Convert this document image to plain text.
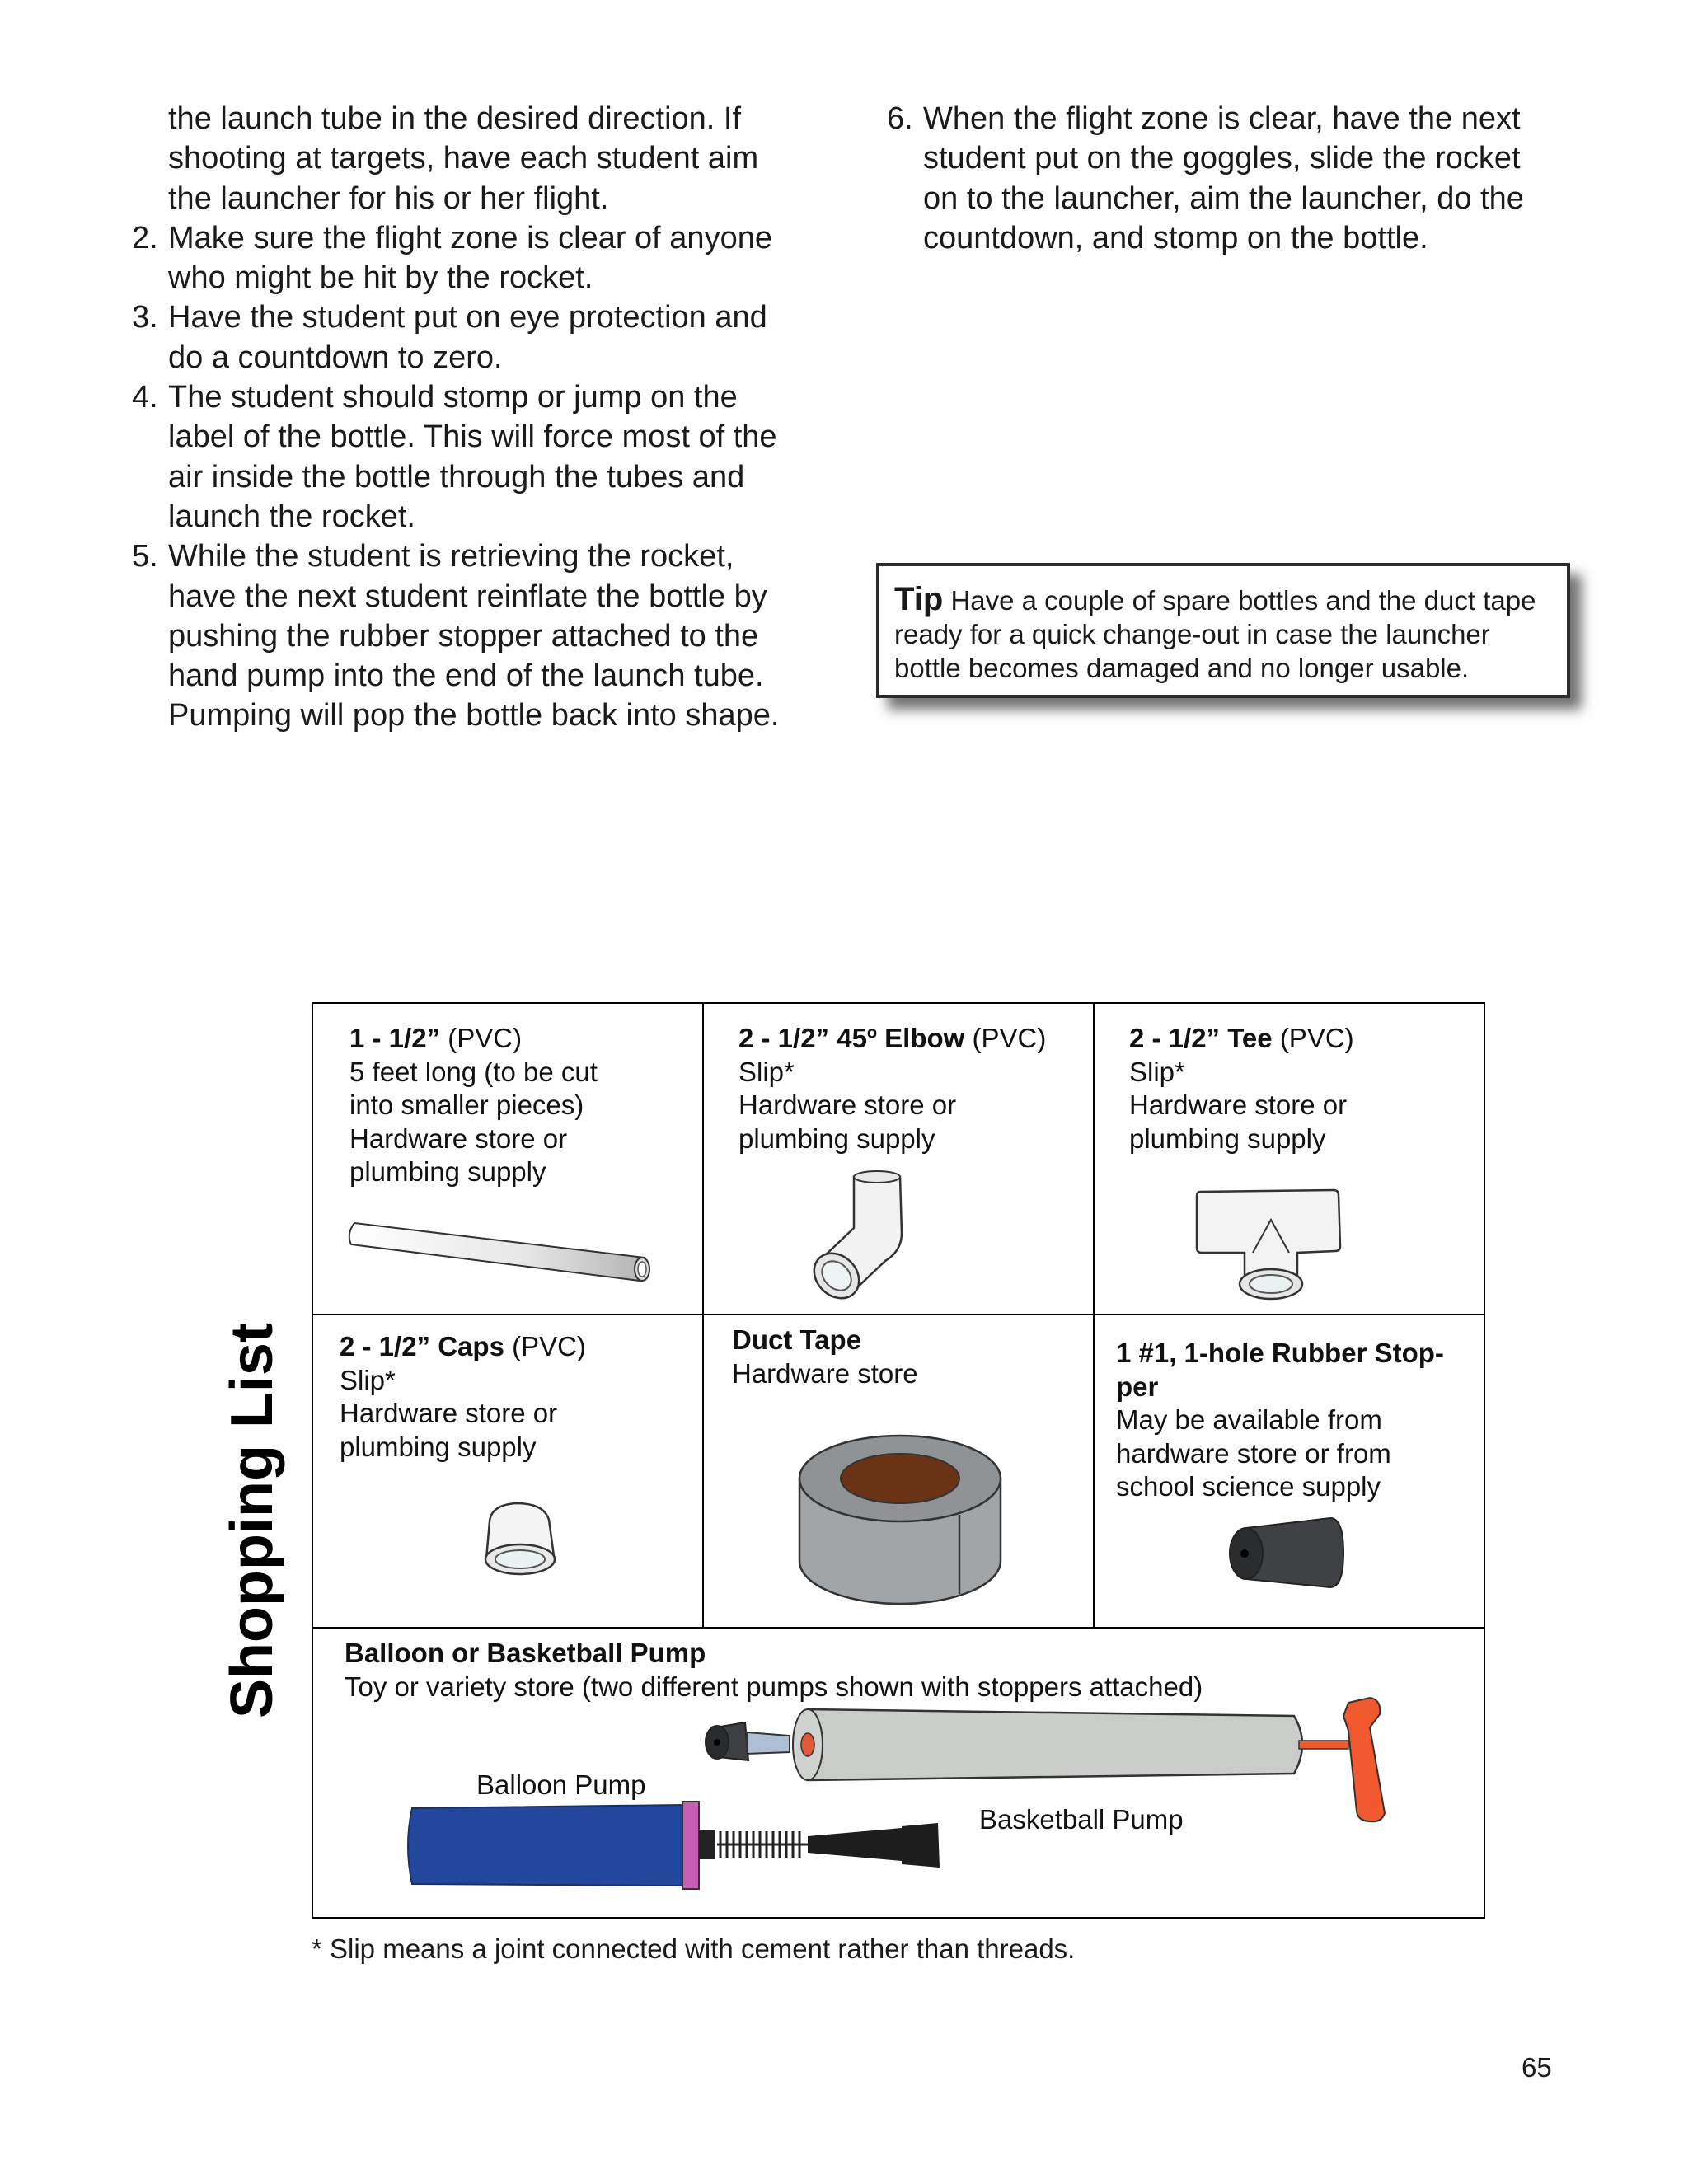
the launch tube in the desired direction. If
shooting at targets, have each student aim
the launcher for his or her flight.
2. Make sure the flight zone is clear of anyone
who might be hit by the rocket.
3. Have the student put on eye protection and
do a countdown to zero.
4. The student should stomp or jump on the
label of the bottle. This will force most of the
air inside the bottle through the tubes and
launch the rocket.
5. While the student is retrieving the rocket,
have the next student reinflate the bottle by
pushing the rubber stopper attached to the
hand pump into the end of the launch tube.
Pumping will pop the bottle back into shape.
6. When the flight zone is clear, have the next
student put on the goggles, slide the rocket
on to the launcher, aim the launcher, do the
countdown, and stomp on the bottle.
Tip Have a couple of spare bottles and the duct tape
ready for a quick change-out in case the launcher
bottle becomes damaged and no longer usable.
Shopping List
1 - 1/2” (PVC)
5 feet long (to be cut
into smaller pieces)
Hardware store or
plumbing supply
2 - 1/2” 45º Elbow (PVC)
Slip*
Hardware store or
plumbing supply
2 - 1/2” Tee (PVC)
Slip*
Hardware store or
plumbing supply
2 - 1/2” Caps (PVC)
Slip*
Hardware store or
plumbing supply
Duct Tape
Hardware store
1 #1, 1-hole Rubber Stop-
per
May be available from
hardware store or from
school science supply
Balloon or Basketball Pump
Toy or variety store (two different pumps shown with stoppers attached)
Balloon Pump
Basketball Pump
* Slip means a joint connected with cement rather than threads.
65
